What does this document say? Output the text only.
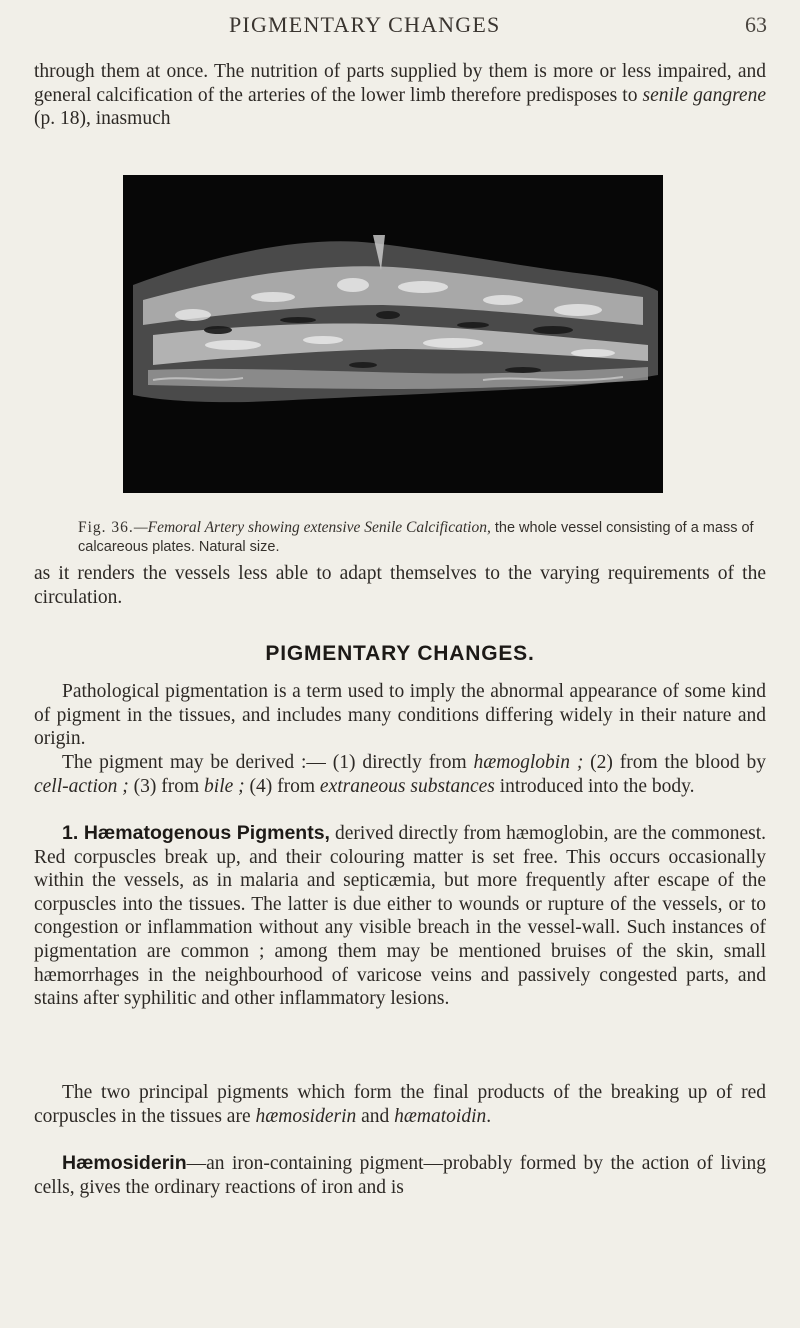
PIGMENTARY CHANGES	63

through them at once. The nutrition of parts supplied by them is more or less impaired, and general calcification of the arteries of the lower limb therefore predisposes to senile gangrene (p. 18), inasmuch

Fig. 36.—Femoral Artery showing extensive Senile Calcification, the whole vessel consisting of a mass of calcareous plates. Natural size.

as it renders the vessels less able to adapt themselves to the varying requirements of the circulation.

PIGMENTARY CHANGES.

Pathological pigmentation is a term used to imply the abnormal appearance of some kind of pigment in the tissues, and includes many conditions differing widely in their nature and origin.

The pigment may be derived :— (1) directly from hæmoglobin ; (2) from the blood by cell-action ; (3) from bile ; (4) from extraneous substances introduced into the body.

1. Hæmatogenous Pigments, derived directly from hæmoglobin, are the commonest. Red corpuscles break up, and their colouring matter is set free. This occurs occasionally within the vessels, as in malaria and septicæmia, but more frequently after escape of the corpuscles into the tissues. The latter is due either to wounds or rupture of the vessels, or to congestion or inflammation without any visible breach in the vessel-wall. Such instances of pigmentation are common ; among them may be mentioned bruises of the skin, small hæmorrhages in the neighbourhood of varicose veins and passively congested parts, and stains after syphilitic and other inflammatory lesions.

The two principal pigments which form the final products of the breaking up of red corpuscles in the tissues are hæmosiderin and hæmatoidin.

Hæmosiderin—an iron-containing pigment—probably formed by the action of living cells, gives the ordinary reactions of iron and is
